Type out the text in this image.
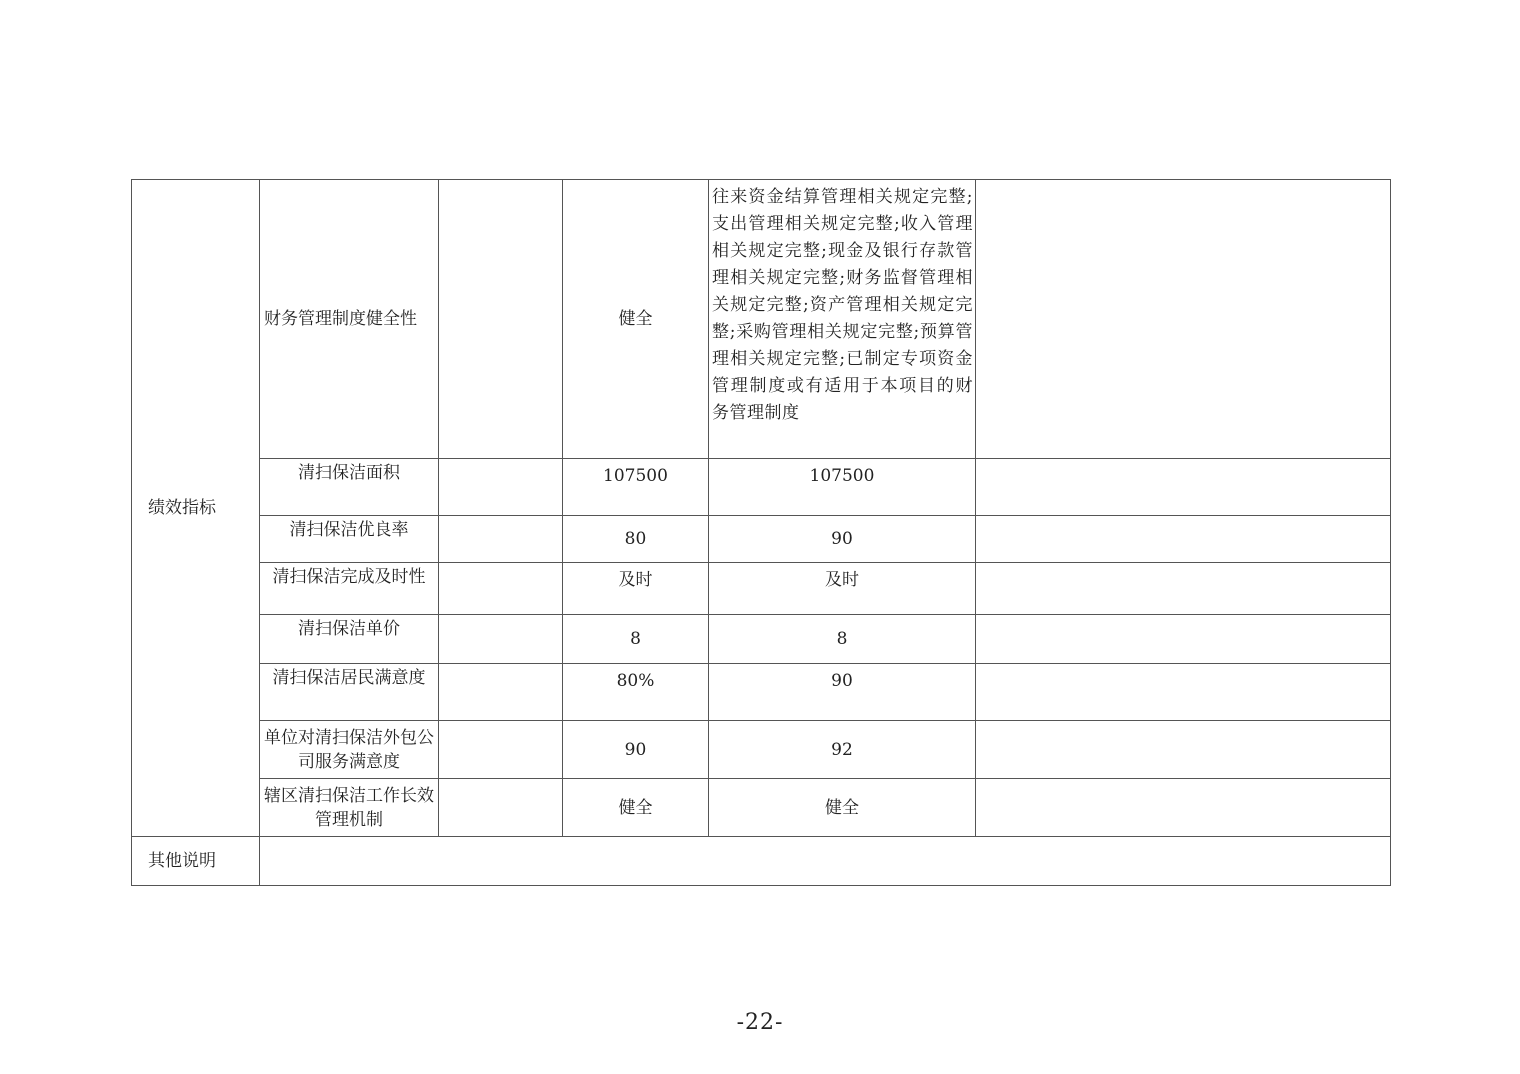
绩效指标	财务管理制度健全性		健全	往来资金结算管理相关规定完整;支出管理相关规定完整;收入管理相关规定完整;现金及银行存款管理相关规定完整;财务监督管理相关规定完整;资产管理相关规定完整;采购管理相关规定完整;预算管理相关规定完整;已制定专项资金管理制度或有适用于本项目的财务管理制度	
	清扫保洁面积		107500	107500	
	清扫保洁优良率		80	90	
	清扫保洁完成及时性		及时	及时	
	清扫保洁单价		8	8	
	清扫保洁居民满意度		80%	90	
	单位对清扫保洁外包公司服务满意度		90	92	
	辖区清扫保洁工作长效管理机制		健全	健全	
其他说明					
-22-
